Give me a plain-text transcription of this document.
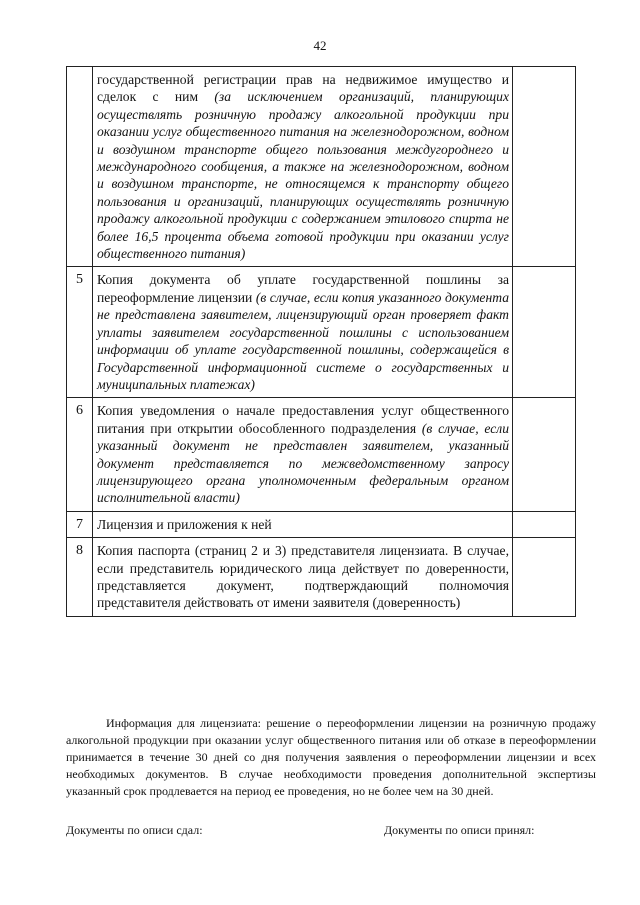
42
	государственной регистрации прав на недвижимое имущество и сделок с ним (за исключением организаций, планирующих осуществлять розничную продажу алкогольной продукции при оказании услуг общественного питания на железнодорожном, водном и воздушном транспорте общего пользования междугороднего и международного сообщения, а также на железнодорожном, водном и воздушном транспорте, не относящемся к транспорту общего пользования и организаций, планирующих осуществлять розничную продажу алкогольной продукции с содержанием этилового спирта не более 16,5 процента объема готовой продукции при оказании услуг общественного питания)	
5	Копия документа об уплате государственной пошлины за переоформление лицензии (в случае, если копия указанного документа не представлена заявителем, лицензирующий орган проверяет факт уплаты заявителем государственной пошлины с использованием информации об уплате государственной пошлины, содержащейся в Государственной информационной системе о государственных и муниципальных платежах)	
6	Копия уведомления о начале предоставления услуг общественного питания при открытии обособленного подразделения (в случае, если указанный документ не представлен заявителем, указанный документ представляется по межведомственному запросу лицензирующего органа уполномоченным федеральным органом исполнительной власти)	
7	Лицензия и приложения к ней	
8	Копия паспорта (страниц 2 и 3) представителя лицензиата. В случае, если представитель юридического лица действует по доверенности, представляется документ, подтверждающий полномочия представителя действовать от имени заявителя (доверенность)	
Информация для лицензиата: решение о переоформлении лицензии на розничную продажу алкогольной продукции при оказании услуг общественного питания или об отказе в переоформлении принимается в течение 30 дней со дня получения заявления о переоформлении лицензии и всех необходимых документов. В случае необходимости проведения дополнительной экспертизы указанный срок продлевается на период ее проведения, но не более чем на 30 дней.
Документы по описи сдал:	Документы по описи принял:
